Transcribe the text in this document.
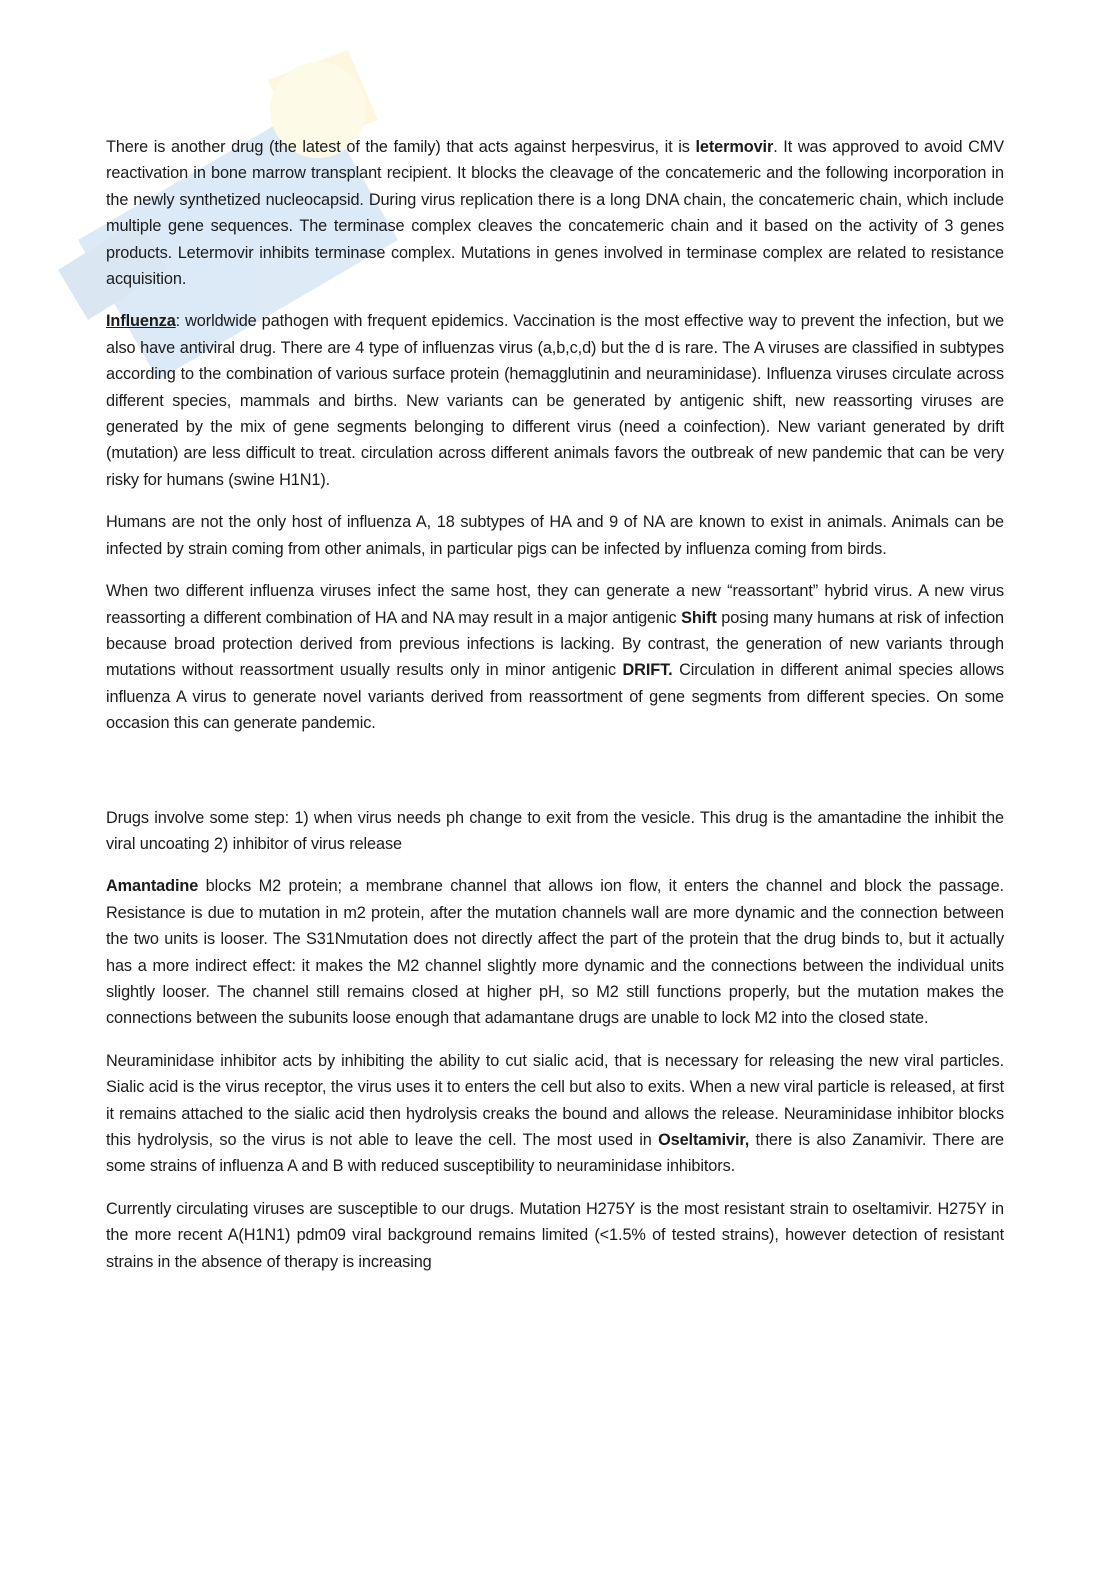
There is another drug (the latest of the family) that acts against herpesvirus, it is letermovir. It was approved to avoid CMV reactivation in bone marrow transplant recipient. It blocks the cleavage of the concatemeric and the following incorporation in the newly synthetized nucleocapsid. During virus replication there is a long DNA chain, the concatemeric chain, which include multiple gene sequences. The terminase complex cleaves the concatemeric chain and it based on the activity of 3 genes products. Letermovir inhibits terminase complex. Mutations in genes involved in terminase complex are related to resistance acquisition.

Influenza: worldwide pathogen with frequent epidemics. Vaccination is the most effective way to prevent the infection, but we also have antiviral drug. There are 4 type of influenzas virus (a,b,c,d) but the d is rare. The A viruses are classified in subtypes according to the combination of various surface protein (hemagglutinin and neuraminidase). Influenza viruses circulate across different species, mammals and births. New variants can be generated by antigenic shift, new reassorting viruses are generated by the mix of gene segments belonging to different virus (need a coinfection). New variant generated by drift (mutation) are less difficult to treat. circulation across different animals favors the outbreak of new pandemic that can be very risky for humans (swine H1N1).

Humans are not the only host of influenza A, 18 subtypes of HA and 9 of NA are known to exist in animals. Animals can be infected by strain coming from other animals, in particular pigs can be infected by influenza coming from birds.

When two different influenza viruses infect the same host, they can generate a new “reassortant” hybrid virus. A new virus reassorting a different combination of HA and NA may result in a major antigenic Shift posing many humans at risk of infection because broad protection derived from previous infections is lacking. By contrast, the generation of new variants through mutations without reassortment usually results only in minor antigenic DRIFT. Circulation in different animal species allows influenza A virus to generate novel variants derived from reassortment of gene segments from different species. On some occasion this can generate pandemic.

Drugs involve some step: 1) when virus needs ph change to exit from the vesicle. This drug is the amantadine the inhibit the viral uncoating 2) inhibitor of virus release

Amantadine blocks M2 protein; a membrane channel that allows ion flow, it enters the channel and block the passage. Resistance is due to mutation in m2 protein, after the mutation channels wall are more dynamic and the connection between the two units is looser. The S31Nmutation does not directly affect the part of the protein that the drug binds to, but it actually has a more indirect effect: it makes the M2 channel slightly more dynamic and the connections between the individual units slightly looser. The channel still remains closed at higher pH, so M2 still functions properly, but the mutation makes the connections between the subunits loose enough that adamantane drugs are unable to lock M2 into the closed state.

Neuraminidase inhibitor acts by inhibiting the ability to cut sialic acid, that is necessary for releasing the new viral particles. Sialic acid is the virus receptor, the virus uses it to enters the cell but also to exits. When a new viral particle is released, at first it remains attached to the sialic acid then hydrolysis creaks the bound and allows the release. Neuraminidase inhibitor blocks this hydrolysis, so the virus is not able to leave the cell. The most used in Oseltamivir, there is also Zanamivir. There are some strains of influenza A and B with reduced susceptibility to neuraminidase inhibitors.

Currently circulating viruses are susceptible to our drugs. Mutation H275Y is the most resistant strain to oseltamivir. H275Y in the more recent A(H1N1) pdm09 viral background remains limited (<1.5% of tested strains), however detection of resistant strains in the absence of therapy is increasing
